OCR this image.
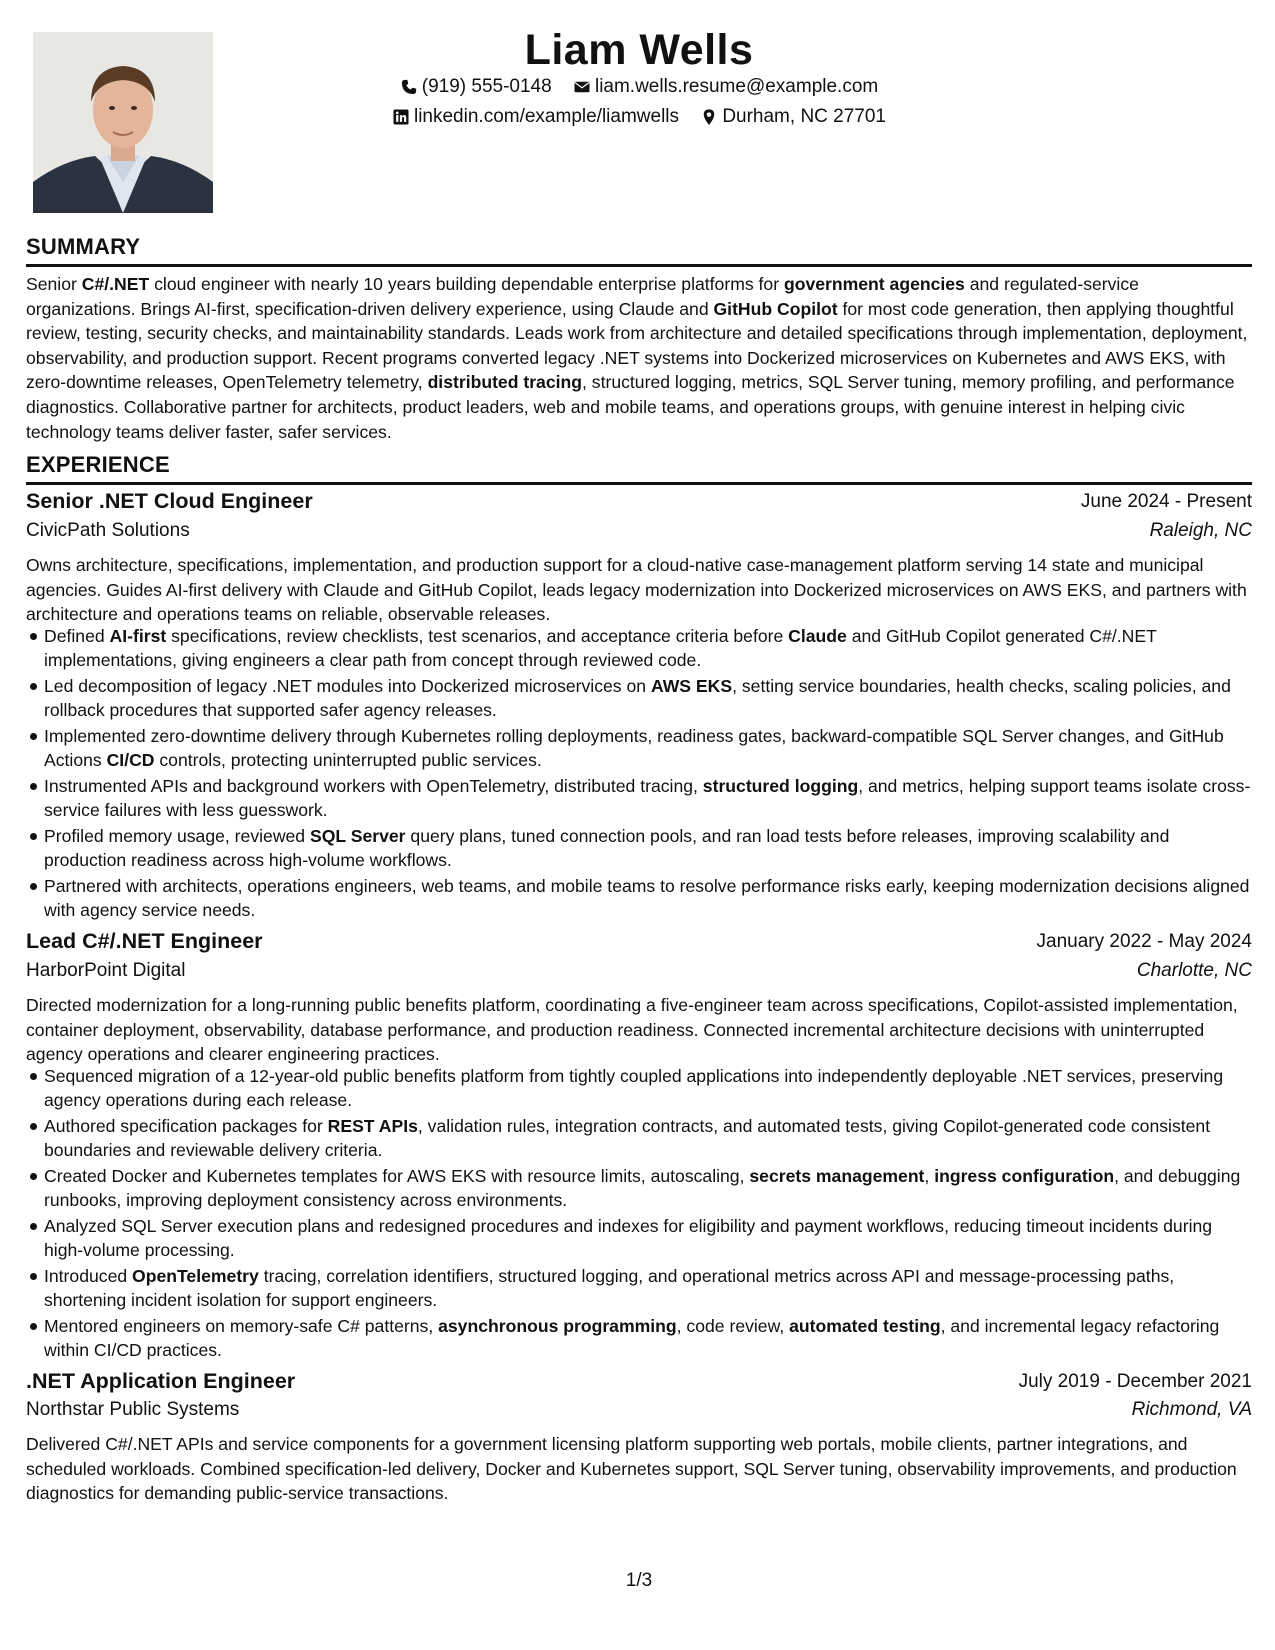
Liam Wells
(919) 555-0148
liam.wells.resume@example.com
linkedin.com/example/liamwells
Durham, NC 27701
SUMMARY
Senior C#/.NET cloud engineer with nearly 10 years building dependable enterprise platforms for government agencies and regulated-service organizations. Brings AI-first, specification-driven delivery experience, using Claude and GitHub Copilot for most code generation, then applying thoughtful review, testing, security checks, and maintainability standards. Leads work from architecture and detailed specifications through implementation, deployment, observability, and production support. Recent programs converted legacy .NET systems into Dockerized microservices on Kubernetes and AWS EKS, with zero-downtime releases, OpenTelemetry telemetry, distributed tracing, structured logging, metrics, SQL Server tuning, memory profiling, and performance diagnostics. Collaborative partner for architects, product leaders, web and mobile teams, and operations groups, with genuine interest in helping civic technology teams deliver faster, safer services.
EXPERIENCE
Senior .NET Cloud Engineer	June 2024 - Present
CivicPath Solutions	Raleigh, NC
Owns architecture, specifications, implementation, and production support for a cloud-native case-management platform serving 14 state and municipal agencies. Guides AI-first delivery with Claude and GitHub Copilot, leads legacy modernization into Dockerized microservices on AWS EKS, and partners with architecture and operations teams on reliable, observable releases.
Defined AI-first specifications, review checklists, test scenarios, and acceptance criteria before Claude and GitHub Copilot generated C#/.NET implementations, giving engineers a clear path from concept through reviewed code.
Led decomposition of legacy .NET modules into Dockerized microservices on AWS EKS, setting service boundaries, health checks, scaling policies, and rollback procedures that supported safer agency releases.
Implemented zero-downtime delivery through Kubernetes rolling deployments, readiness gates, backward-compatible SQL Server changes, and GitHub Actions CI/CD controls, protecting uninterrupted public services.
Instrumented APIs and background workers with OpenTelemetry, distributed tracing, structured logging, and metrics, helping support teams isolate cross-service failures with less guesswork.
Profiled memory usage, reviewed SQL Server query plans, tuned connection pools, and ran load tests before releases, improving scalability and production readiness across high-volume workflows.
Partnered with architects, operations engineers, web teams, and mobile teams to resolve performance risks early, keeping modernization decisions aligned with agency service needs.
Lead C#/.NET Engineer	January 2022 - May 2024
HarborPoint Digital	Charlotte, NC
Directed modernization for a long-running public benefits platform, coordinating a five-engineer team across specifications, Copilot-assisted implementation, container deployment, observability, database performance, and production readiness. Connected incremental architecture decisions with uninterrupted agency operations and clearer engineering practices.
Sequenced migration of a 12-year-old public benefits platform from tightly coupled applications into independently deployable .NET services, preserving agency operations during each release.
Authored specification packages for REST APIs, validation rules, integration contracts, and automated tests, giving Copilot-generated code consistent boundaries and reviewable delivery criteria.
Created Docker and Kubernetes templates for AWS EKS with resource limits, autoscaling, secrets management, ingress configuration, and debugging runbooks, improving deployment consistency across environments.
Analyzed SQL Server execution plans and redesigned procedures and indexes for eligibility and payment workflows, reducing timeout incidents during high-volume processing.
Introduced OpenTelemetry tracing, correlation identifiers, structured logging, and operational metrics across API and message-processing paths, shortening incident isolation for support engineers.
Mentored engineers on memory-safe C# patterns, asynchronous programming, code review, automated testing, and incremental legacy refactoring within CI/CD practices.
.NET Application Engineer	July 2019 - December 2021
Northstar Public Systems	Richmond, VA
Delivered C#/.NET APIs and service components for a government licensing platform supporting web portals, mobile clients, partner integrations, and scheduled workloads. Combined specification-led delivery, Docker and Kubernetes support, SQL Server tuning, observability improvements, and production diagnostics for demanding public-service transactions.
1/3
